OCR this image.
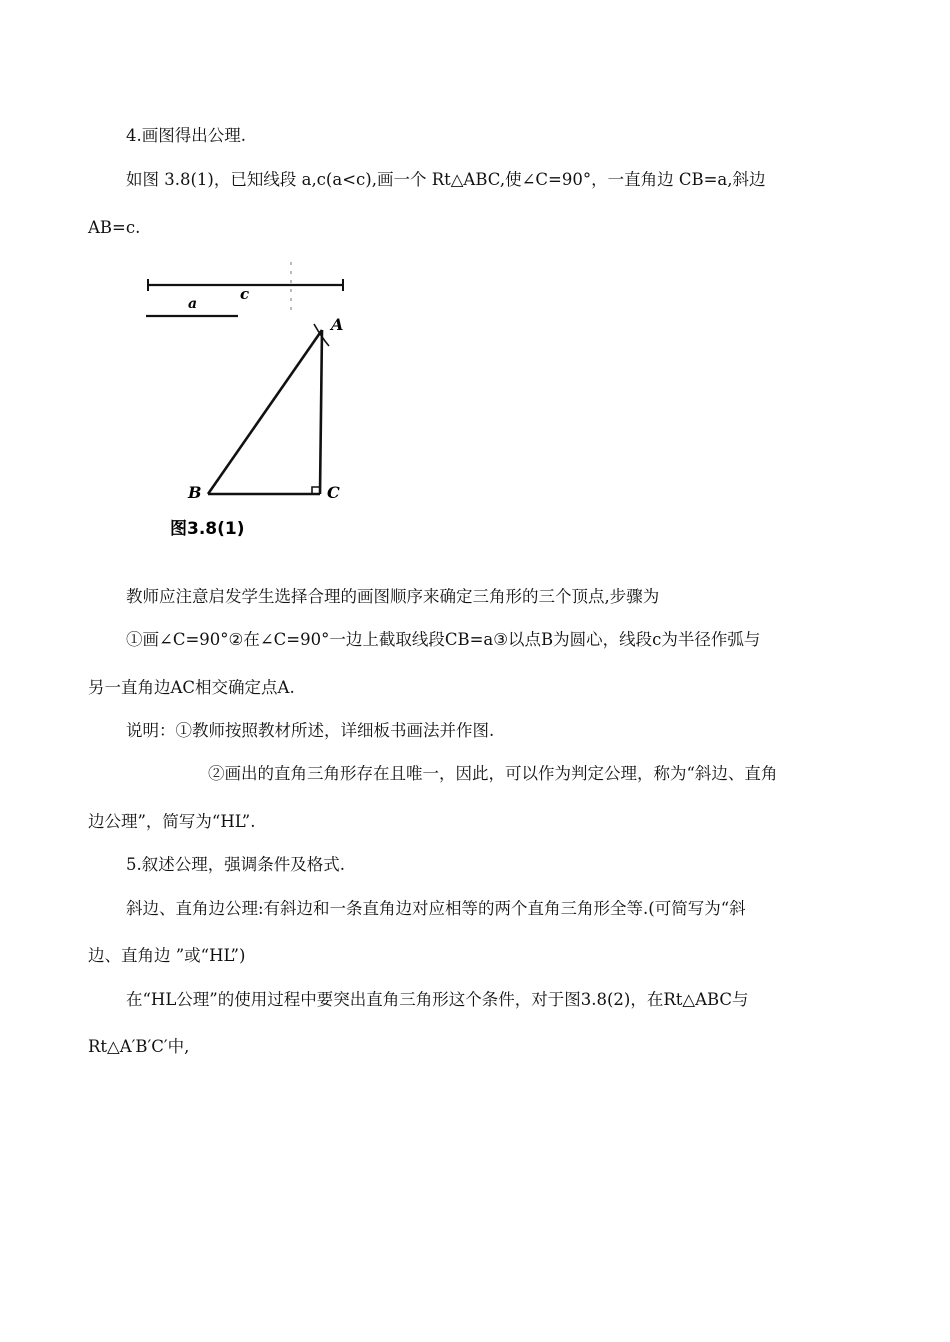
4.画图得出公理.
如图 3.8(1)，已知线段 a,c(a<c),画一个 Rt△ABC,使∠C=90°，一直角边 CB=a,斜边
AB=c.
c
a
A
B	C
图3.8(1)
教师应注意启发学生选择合理的画图顺序来确定三角形的三个顶点,步骤为
①画∠C=90°②在∠C=90°一边上截取线段CB=a③以点B为圆心，线段c为半径作弧与
另一直角边AC相交确定点A.
说明：①教师按照教材所述，详细板书画法并作图.
②画出的直角三角形存在且唯一，因此，可以作为判定公理，称为“斜边、直角
边公理”，简写为“HL”.
5.叙述公理，强调条件及格式.
斜边、直角边公理:有斜边和一条直角边对应相等的两个直角三角形全等.(可简写为“斜
边、直角边 ”或“HL”)
在“HL公理”的使用过程中要突出直角三角形这个条件，对于图3.8(2)，在Rt△ABC与
Rt△A′B′C′中,
